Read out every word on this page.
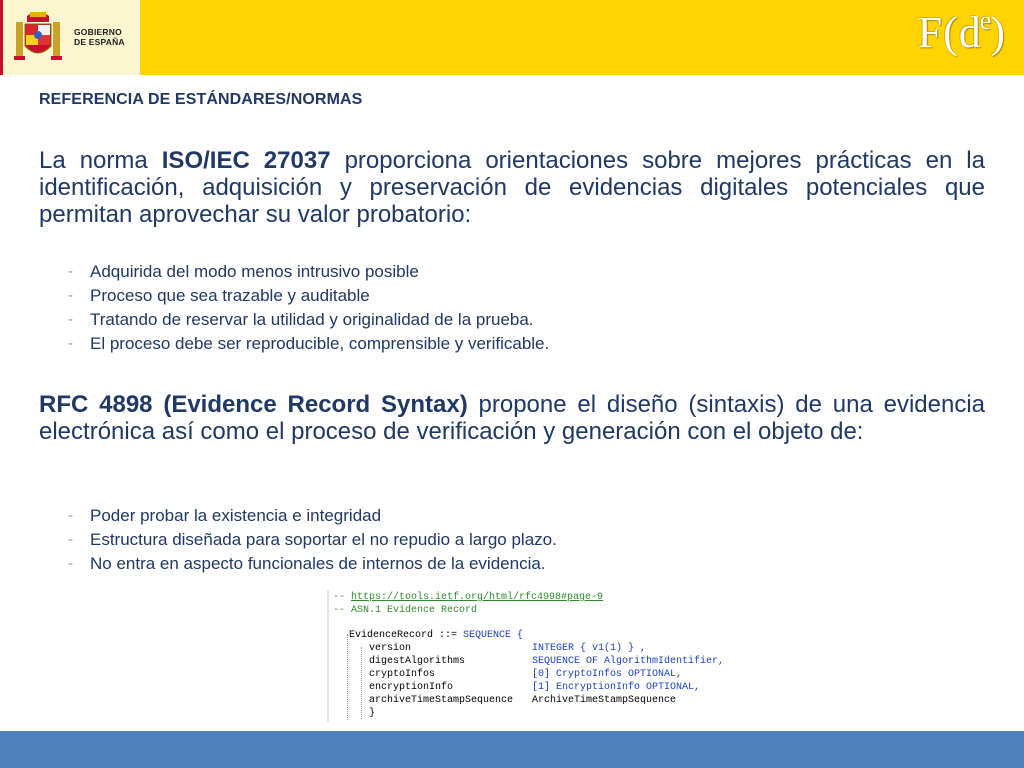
GOBIERNO
DE ESPAÑA	$F(d^e)$
REFERENCIA DE ESTÁNDARES/NORMAS

La norma ISO/IEC 27037 proporciona orientaciones sobre mejores prácticas en la identificación, adquisición y preservación de evidencias digitales potenciales que permitan aprovechar su valor probatorio:

- Adquirida del modo menos intrusivo posible
- Proceso que sea trazable y auditable
- Tratando de reservar la utilidad y originalidad de la prueba.
- El proceso debe ser reproducible, comprensible y verificable.

RFC 4898 (Evidence Record Syntax) propone el diseño (sintaxis) de una evidencia electrónica así como el proceso de verificación y generación con el objeto de:

- Poder probar la existencia e integridad
- Estructura diseñada para soportar el no repudio a largo plazo.
- No entra en aspecto funcionales de internos de la evidencia.
-- https://tools.ietf.org/html/rfc4998#page-9
-- ASN.1 Evidence Record
EvidenceRecord ::= SEQUENCE {
version	INTEGER { v1(1) } ,
digestAlgorithms	SEQUENCE OF AlgorithmIdentifier,
cryptoInfos	[0] CryptoInfos OPTIONAL,
encryptionInfo	[1] EncryptionInfo OPTIONAL,
archiveTimeStampSequence ArchiveTimeStampSequence
}
